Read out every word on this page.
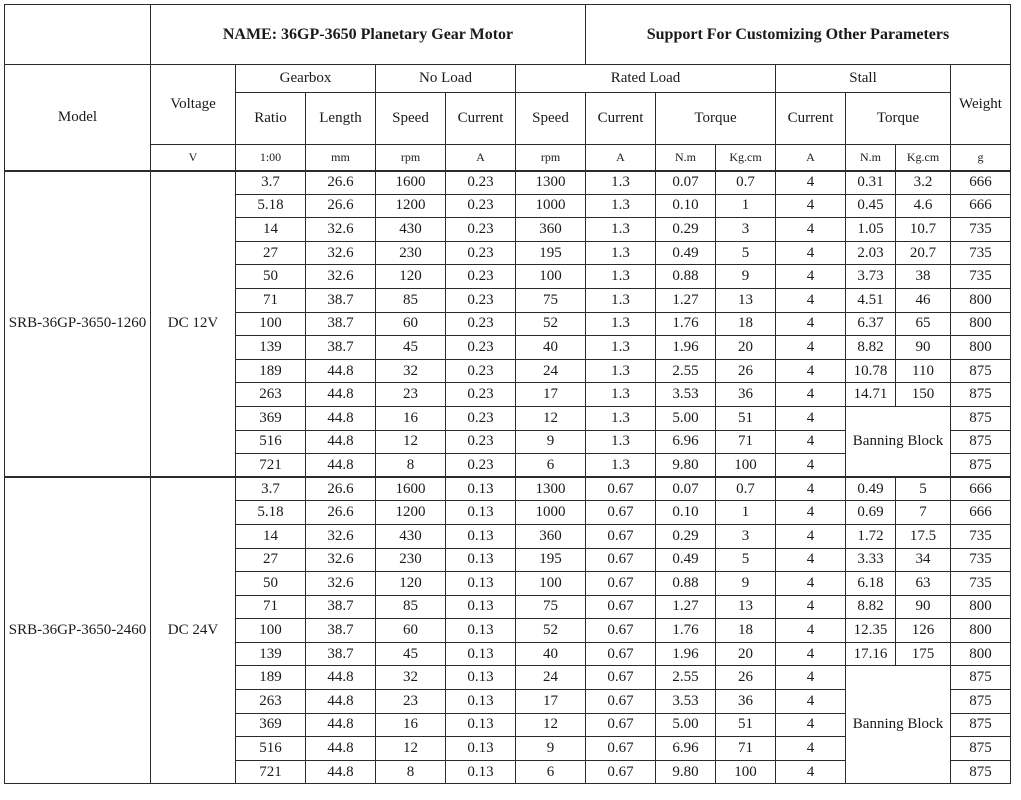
	NAME: 36GP-3650 Planetary Gear Motor						Support For Customizing Other Parameters						
Model	Voltage	Gearbox		No Load		Rated Load				Stall			Weight
		Ratio	Length	Speed	Current	Speed	Current	Torque		Current	Torque		
	V	1:00	mm	rpm	A	rpm	A	N.m	Kg.cm	A	N.m	Kg.cm	g
SRB-36GP-3650-1260	DC 12V	3.7	26.6	1600	0.23	1300	1.3	0.07	0.7	4	0.31	3.2	666
		5.18	26.6	1200	0.23	1000	1.3	0.10	1	4	0.45	4.6	666
		14	32.6	430	0.23	360	1.3	0.29	3	4	1.05	10.7	735
		27	32.6	230	0.23	195	1.3	0.49	5	4	2.03	20.7	735
		50	32.6	120	0.23	100	1.3	0.88	9	4	3.73	38	735
		71	38.7	85	0.23	75	1.3	1.27	13	4	4.51	46	800
		100	38.7	60	0.23	52	1.3	1.76	18	4	6.37	65	800
		139	38.7	45	0.23	40	1.3	1.96	20	4	8.82	90	800
		189	44.8	32	0.23	24	1.3	2.55	26	4	10.78	110	875
		263	44.8	23	0.23	17	1.3	3.53	36	4	14.71	150	875
		369	44.8	16	0.23	12	1.3	5.00	51	4	Banning Block		875
		516	44.8	12	0.23	9	1.3	6.96	71	4			875
		721	44.8	8	0.23	6	1.3	9.80	100	4			875
SRB-36GP-3650-2460	DC 24V	3.7	26.6	1600	0.13	1300	0.67	0.07	0.7	4	0.49	5	666
		5.18	26.6	1200	0.13	1000	0.67	0.10	1	4	0.69	7	666
		14	32.6	430	0.13	360	0.67	0.29	3	4	1.72	17.5	735
		27	32.6	230	0.13	195	0.67	0.49	5	4	3.33	34	735
		50	32.6	120	0.13	100	0.67	0.88	9	4	6.18	63	735
		71	38.7	85	0.13	75	0.67	1.27	13	4	8.82	90	800
		100	38.7	60	0.13	52	0.67	1.76	18	4	12.35	126	800
		139	38.7	45	0.13	40	0.67	1.96	20	4	17.16	175	800
		189	44.8	32	0.13	24	0.67	2.55	26	4	Banning Block		875
		263	44.8	23	0.13	17	0.67	3.53	36	4			875
		369	44.8	16	0.13	12	0.67	5.00	51	4			875
		516	44.8	12	0.13	9	0.67	6.96	71	4			875
		721	44.8	8	0.13	6	0.67	9.80	100	4			875
